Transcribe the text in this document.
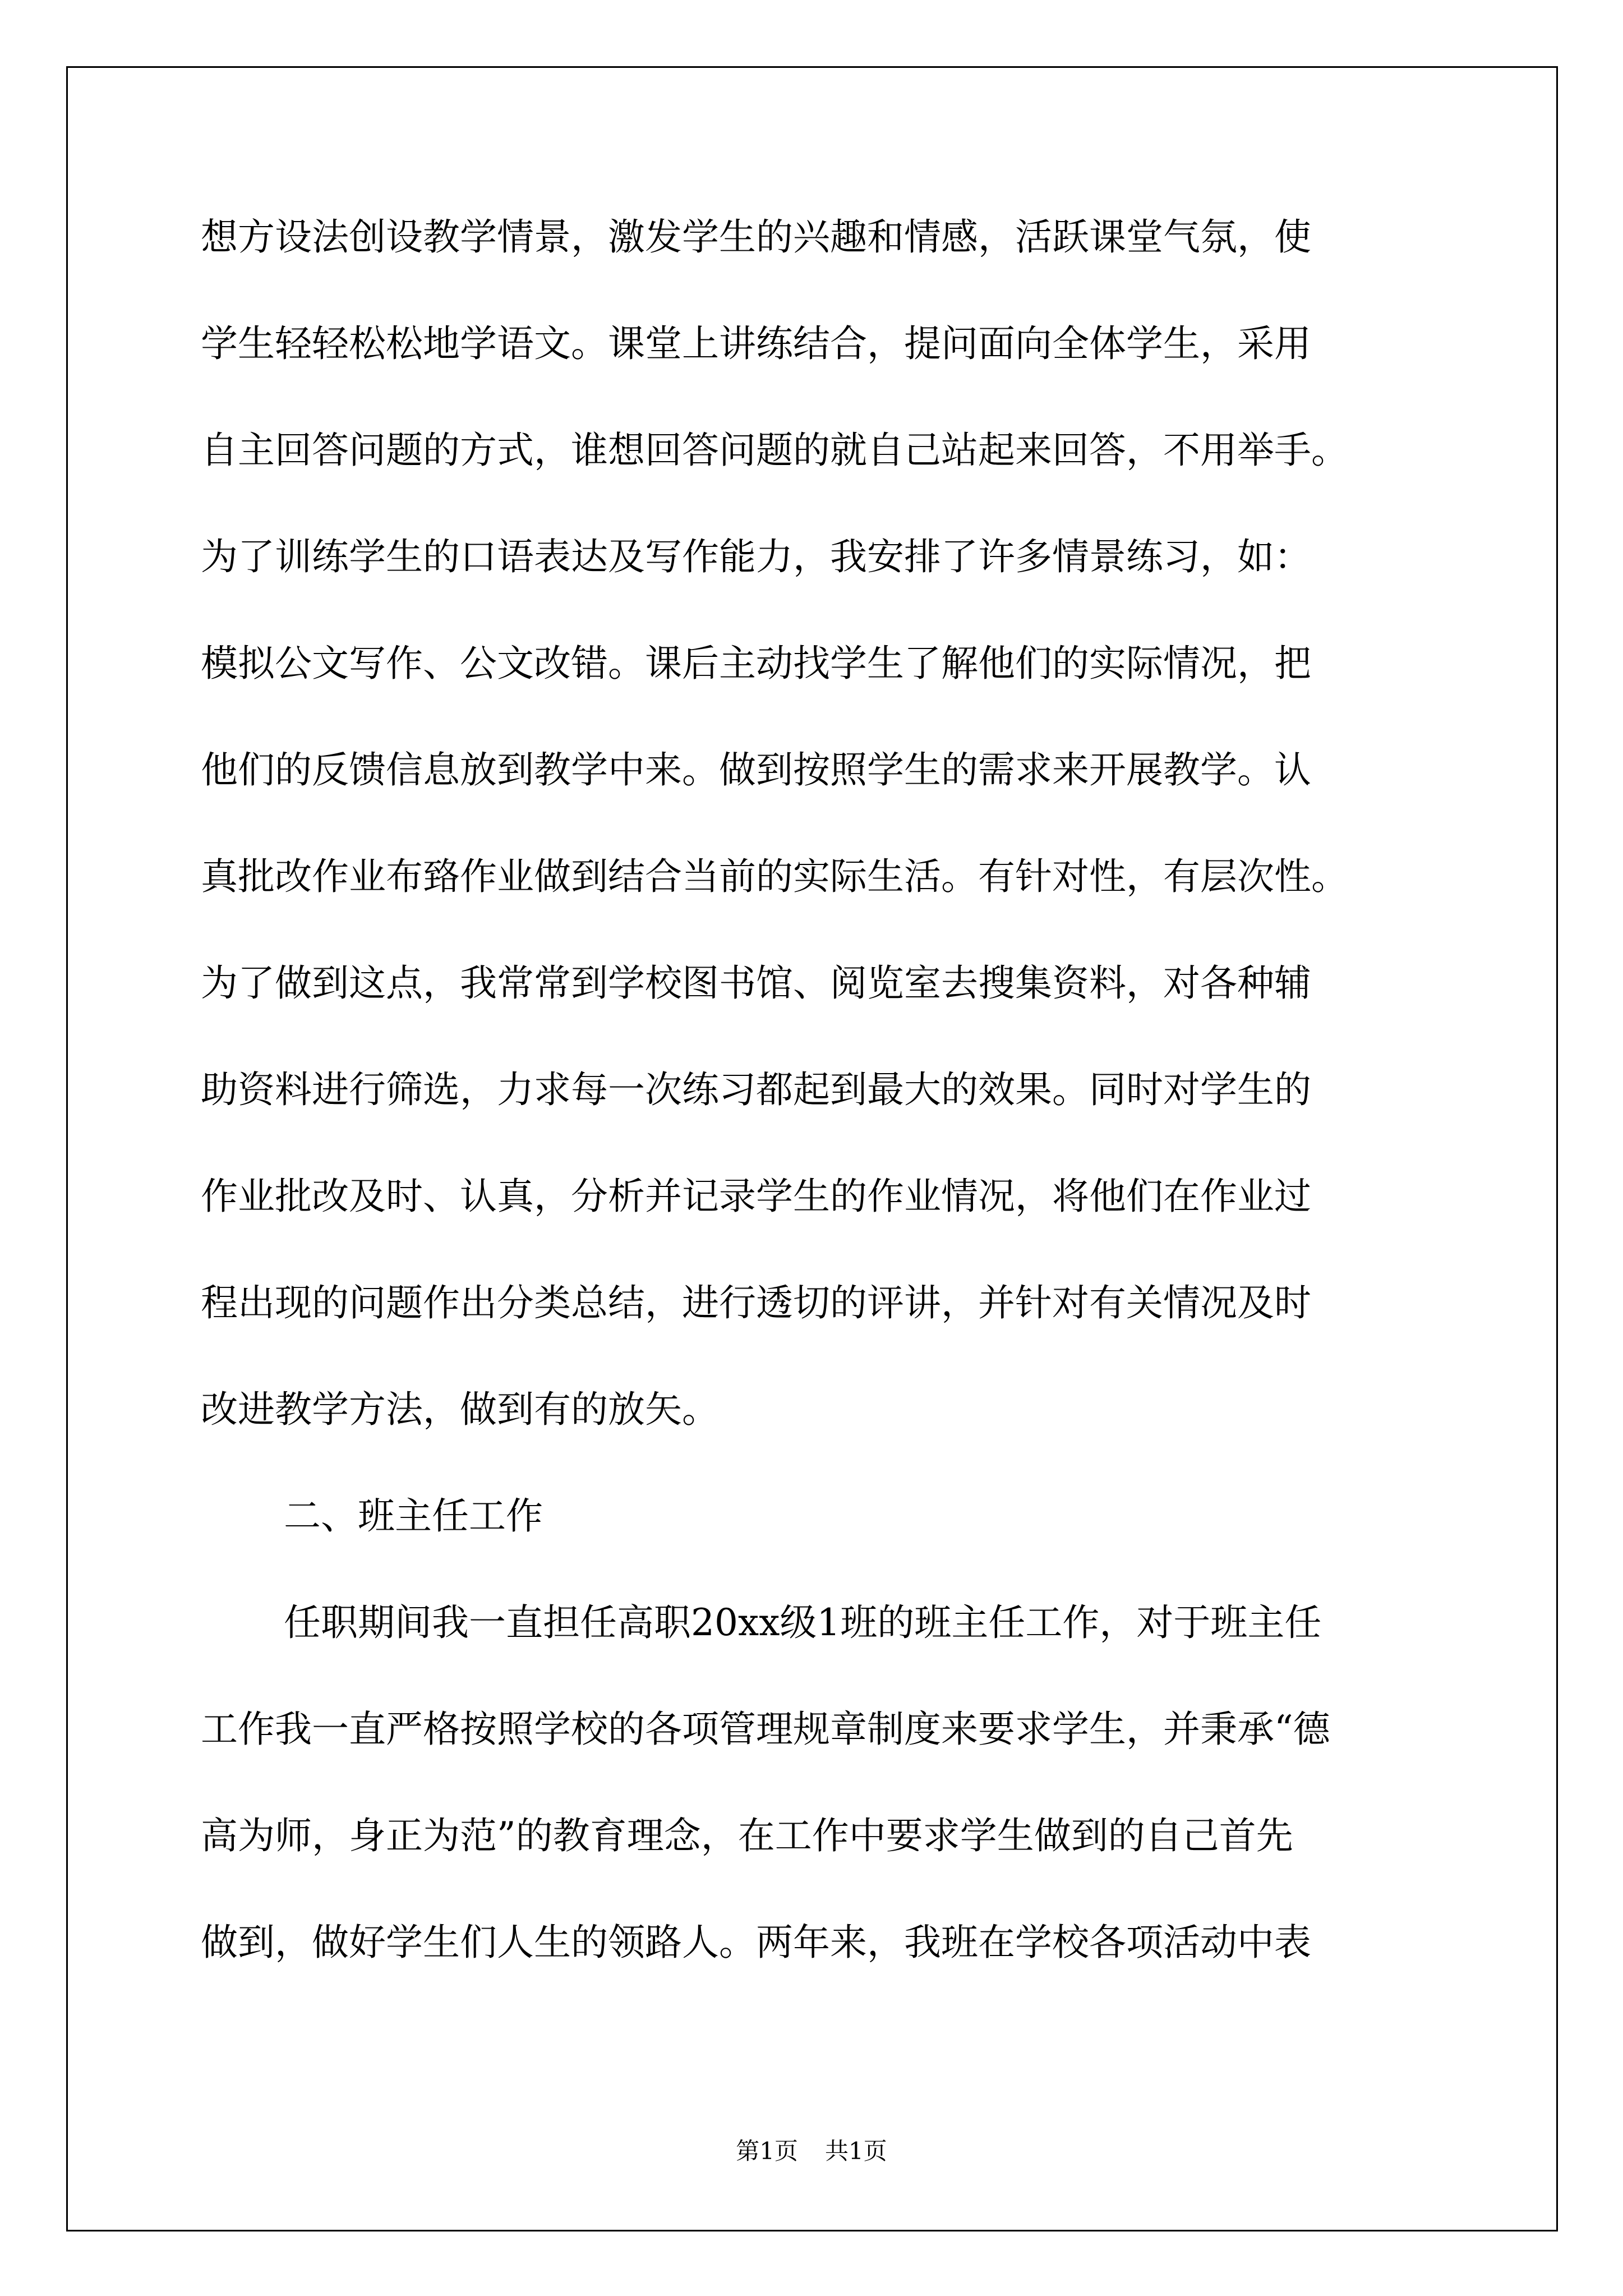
想方设法创设教学情景，激发学生的兴趣和情感，活跃课堂气氛，使
学生轻轻松松地学语文。课堂上讲练结合，提问面向全体学生，采用
自主回答问题的方式，谁想回答问题的就自己站起来回答，不用举手。
为了训练学生的口语表达及写作能力，我安排了许多情景练习，如：
模拟公文写作、公文改错。课后主动找学生了解他们的实际情况，把
他们的反馈信息放到教学中来。做到按照学生的需求来开展教学。认
真批改作业布臵作业做到结合当前的实际生活。有针对性，有层次性。
为了做到这点，我常常到学校图书馆、阅览室去搜集资料，对各种辅
助资料进行筛选，力求每一次练习都起到最大的效果。同时对学生的
作业批改及时、认真，分析并记录学生的作业情况，将他们在作业过
程出现的问题作出分类总结，进行透切的评讲，并针对有关情况及时
改进教学方法，做到有的放矢。
二、班主任工作
任职期间我一直担任高职20xx级1班的班主任工作，对于班主任
工作我一直严格按照学校的各项管理规章制度来要求学生，并秉承“德
高为师，身正为范”的教育理念，在工作中要求学生做到的自己首先
做到，做好学生们人生的领路人。两年来，我班在学校各项活动中表
第1页 共1页
